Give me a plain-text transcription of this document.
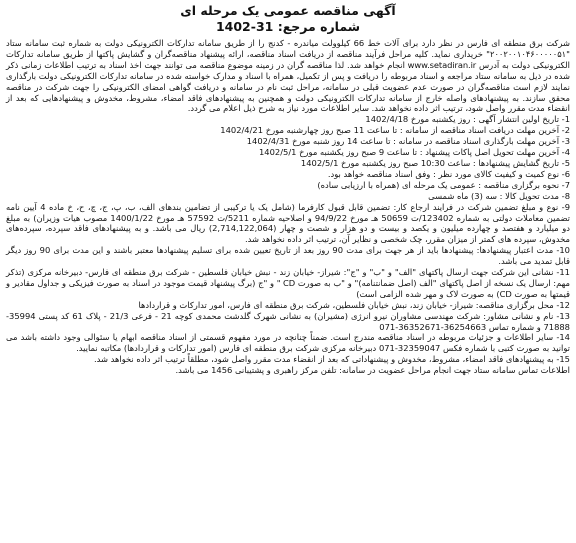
آگهی مناقصه عمومی یک مرحله ای
شماره مرجع: 31-1402

شرکت برق منطقه ای فارس در نظر دارد برای آلات خط 66 کیلوولت میاندره - کدنج را از طریق سامانه تدارکات الکترونیکی دولت به شماره ثبت سامانه ستاد "۲۰۰۲۰۰۱۰۴۶۰۰۰۰۰۵۱" خریداری نماید. کلیه مراحل فرآیند مناقصه از دریافت اسناد مناقصه، ارائه پیشنهاد مناقصه‌گران و گشایش پاکتها از طریق سامانه تدارکات الکترونیکی دولت به آدرس www.setadiran.ir انجام خواهد شد. لذا مناقصه گران در زمینه موضوع مناقصه می توانند جهت اخذ اسناد به ترتیب اطلاعات زمانی ذکر شده در ذیل به سامانه ستاد مراجعه و اسناد مربوطه را دریافت و پس از تکمیل، همراه با اسناد و مدارک خواسته شده در سامانه تدارکات الکترونیکی دولت بارگذاری نمایند لازم است مناقصه‌گران در صورت عدم عضویت قبلی در سامانه، مراحل ثبت نام در سامانه و دریافت گواهی امضای الکترونیکی را جهت شرکت در مناقصه محقق سازند. به پیشنهادهای واصله خارج از سامانه تدارکات الکترونیکی دولت و همچنین به پیشنهادهای فاقد امضاء، مشروط، مخدوش و پیشنهادهایی که بعد از انقضاء مدت مقرر واصل شود، ترتیب اثر داده نخواهد شد. سایر اطلاعات مورد نیاز به شرح ذیل اعلام می گردد.

1- تاریخ اولین انتشار آگهی : روز یکشنبه مورخ 1402/4/18

2- آخرین مهلت دریافت اسناد مناقصه از سامانه : تا ساعت 11 صبح روز چهارشنبه مورخ 1402/4/21

3- آخرین مهلت بارگذاری اسناد مناقصه در سامانه : تا ساعت 14 روز شنبه مورخ 1402/4/31

4- آخرین مهلت تحویل اصل پاکات پیشنهاد : تا ساعت 9 صبح روز یکشنبه مورخ 1402/5/1

5- تاریخ گشایش پیشنهادها : ساعت 10:30 صبح روز یکشنبه مورخ 1402/5/1

6- نوع کمیت و کیفیت کالای مورد نظر : وفق اسناد مناقصه خواهد بود.

7- نحوه برگزاری مناقصه : عمومی یک مرحله ای (همراه با ارزیابی ساده)

8- مدت تحویل کالا : سه (3) ماه شمسی

9- نوع و مبلغ تضمین شرکت در فرایند ارجاع کار: تضمین قابل قبول کارفرما (شامل یک یا ترکیبی از تضامین بندهای الف، ب، پ، ج، چ، ح، خ ماده 4 آیین نامه تضمین معاملات دولتی به شماره 123402/ت 50659 هـ مورخ 94/9/22 و اصلاحیه شماره 5211/ت 57592 هـ مورخ 1400/1/22 مصوب هیات وزیران) به مبلغ دو میلیارد و هفتصد و چهارده میلیون و یکصد و بیست و دو هزار و شصت و چهار (2,714,122,064) ریال می باشد. و به پیشنهادهای فاقد سپرده، سپرده‌های مخدوش، سپرده های کمتر از میزان مقرر، چک شخصی و نظایر آن، ترتیب اثر داده نخواهد شد.

10- مدت اعتبار پیشنهادها: پیشنهادها باید از هر جهت برای مدت 90 روز بعد از تاریخ تعیین شده برای تسلیم پیشنهادها معتبر باشند و این مدت برای 90 روز دیگر قابل تمدید می باشد.

11- نشانی این شرکت جهت ارسال پاکتهای "الف" و "ب" و "ج": شیراز- خیابان زند - نبش خیابان فلسطین - شرکت برق منطقه ای فارس- دبیرخانه مرکزی (تذکر مهم: ارسال یک نسخه از اصل پاکتهای "الف (اصل ضمانتنامه)" و "ب به صورت CD " و "ج (برگ پیشنهاد قیمت موجود در اسناد به صورت فیزیکی و جداول مقادیر و قیمتها به صورت CD) به صورت لاک و مهر شده الزامی است)

12- محل برگزاری مناقصه: شیراز- خیابان زند، نبش خیابان فلسطین، شرکت برق منطقه ای فارس، امور تدارکات و قراردادها

13- نام و نشانی مشاور: شرکت مهندسی مشاوران نیرو انرژی (مشیران) به نشانی شهرک گلدشت محمدی کوچه 21 - فرعی 21/3 - پلاک 61 کد پستی 35994-71888 و شماره تماس 36254663-36352671-071

14- سایر اطلاعات و جزئیات مربوطه در اسناد مناقصه مندرج است. ضمناً چنانچه در مورد مفهوم قسمتی از اسناد مناقصه ابهام یا سئوالی وجود داشته باشد می توانید به صورت کتبی با شماره فکس 32359047-071 دبیرخانه مرکزی شرکت برق منطقه ای فارس (امور تدارکات و قراردادها) مکاتبه نمایید.

15- به پیشنهادهای فاقد امضاء، مشروط، مخدوش و پیشنهاداتی که بعد از انقضاء مدت مقرر واصل شود، مطلقاً ترتیب اثر داده نخواهد شد.

اطلاعات تماس سامانه ستاد جهت انجام مراحل عضویت در سامانه: تلفن مرکز راهبری و پشتیبانی 1456 می باشد.
